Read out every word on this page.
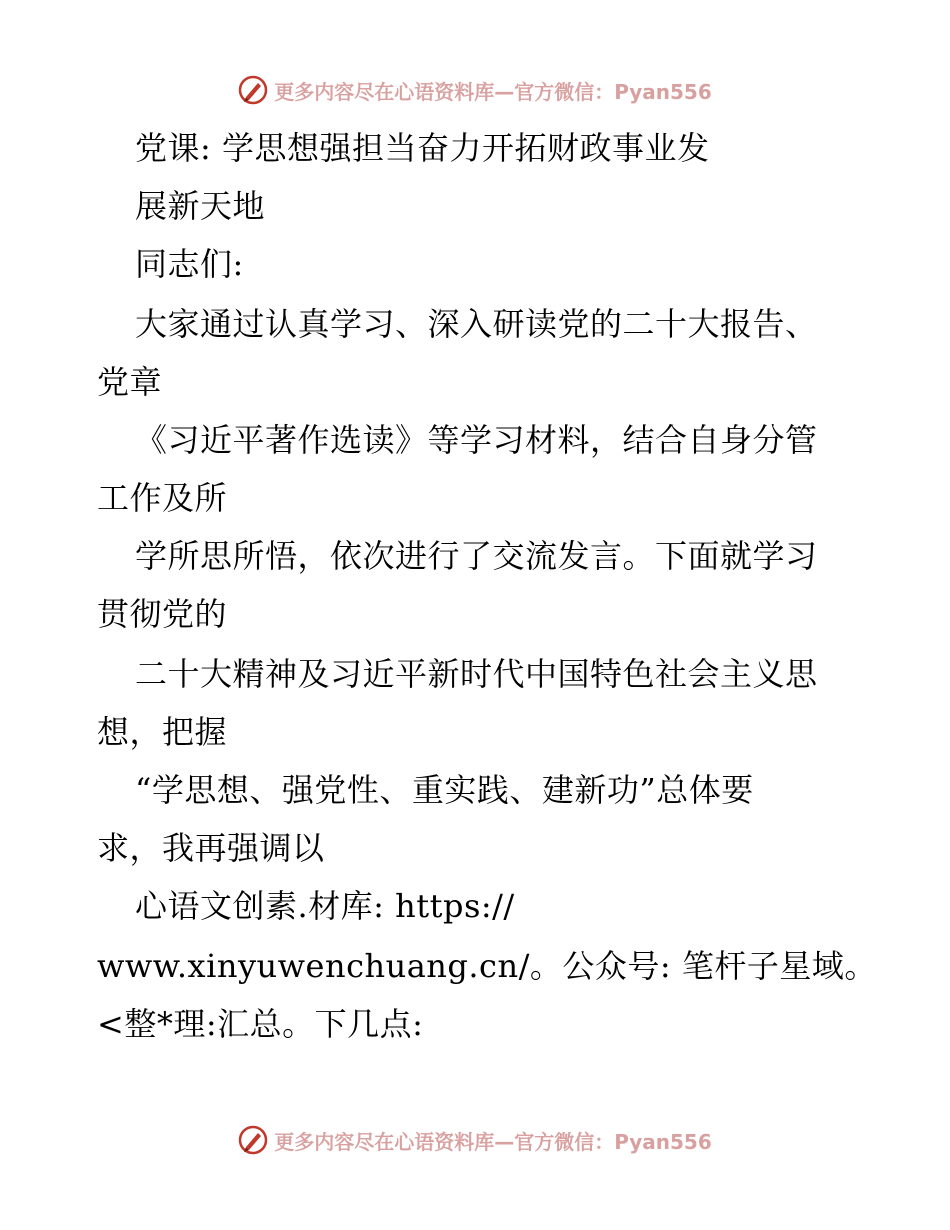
更多内容尽在心语资料库—官方微信：Pyan556
党课: 学思想强担当奋力开拓财政事业发
展新天地
同志们:
大家通过认真学习、深入研读党的二十大报告、
党章
《习近平著作选读》等学习材料，结合自身分管
工作及所
学所思所悟，依次进行了交流发言。下面就学习
贯彻党的
二十大精神及习近平新时代中国特色社会主义思
想，把握
“学思想、强党性、重实践、建新功”总体要
求，我再强调以
心语文创素.材库: https://
www.xinyuwenchuang.cn/。公众号: 笔杆子星域。
<整*理:汇总。下几点:
更多内容尽在心语资料库—官方微信：Pyan556
